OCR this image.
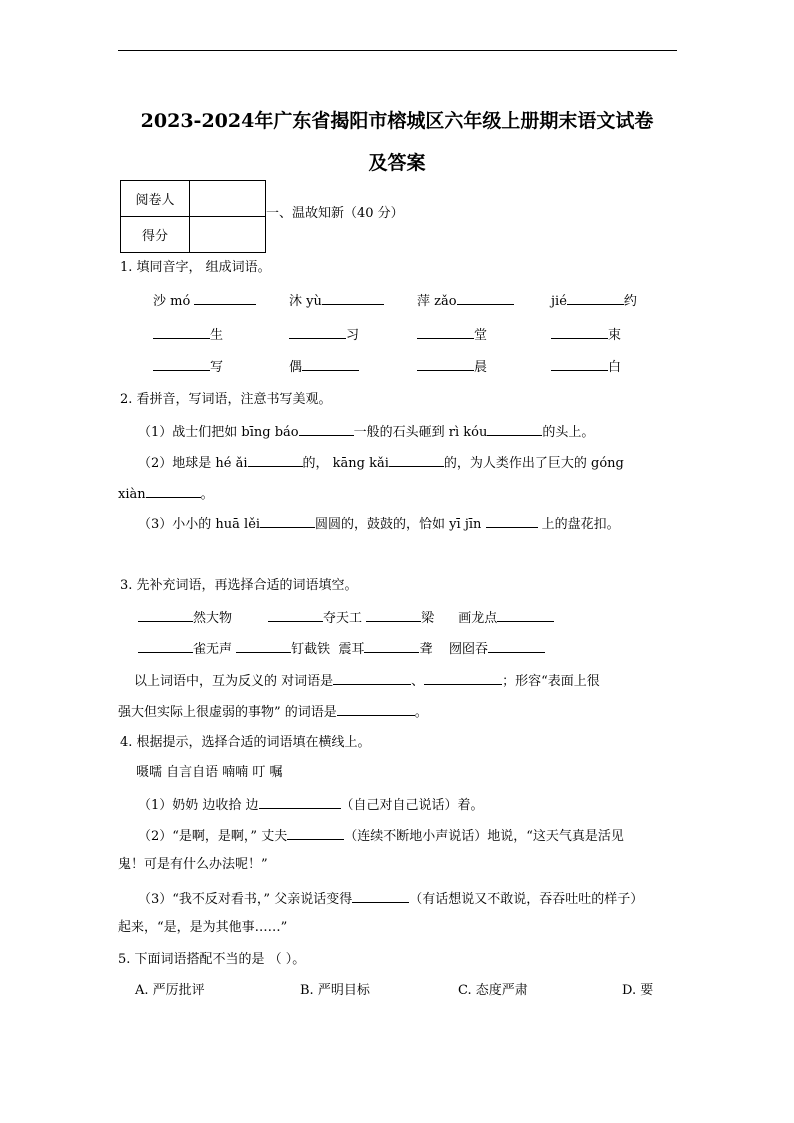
2023-2024年广东省揭阳市榕城区六年级上册期末语文试卷
及答案
阅卷人	
得分	
一、温故知新（40 分）
1. 填同音字， 组成词语。
沙 mó	沐 yù	萍 zǎo	jié	约
生	习	堂	束
写	偶	晨	白
2. 看拼音，写词语，注意书写美观。
（1）战士们把如 bīng báo	一般的石头砸到 rì kóu	的头上。
（2）地球是 hé ǎi	的， kāng kǎi	的，为人类作出了巨大的 góng
xiàn	。
（3）小小的 huā lěi	圆圆的，鼓鼓的，恰如 yī jīn	上的盘花扣。
3. 先补充词语，再选择合适的词语填空。
然大物	夺天工	梁 画龙点
雀无声	钉截铁 震耳	聋 囫囵吞
以上词语中，互为反义的 对词语是	、	；形容“表面上很
强大但实际上很虚弱的事物” 的词语是	。
4. 根据提示，选择合适的词语填在横线上。
嗫嚅 自言自语 喃喃 叮 嘱
（1）奶奶 边收拾 边	（自己对自己说话）着。
（2）“是啊，是啊，” 丈夫	（连续不断地小声说话）地说，“这天气真是活见
鬼！可是有什么办法呢！”
（3）“我不反对看书，” 父亲说话变得	（有话想说又不敢说，吞吞吐吐的样子）
起来，“是，是为其他事……”
5. 下面词语搭配不当的是 （ ）。
A. 严厉批评	B. 严明目标	C. 态度严肃	D. 要
